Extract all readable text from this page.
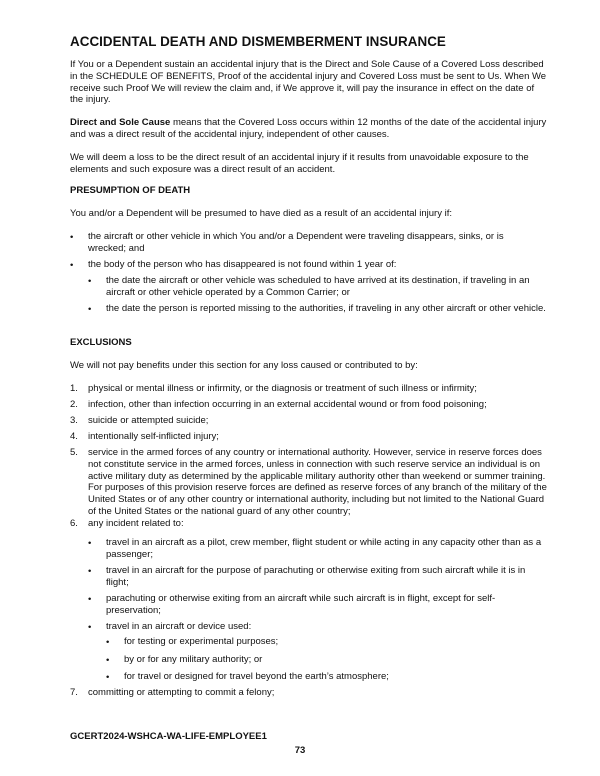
ACCIDENTAL DEATH AND DISMEMBERMENT INSURANCE
If You or a Dependent sustain an accidental injury that is the Direct and Sole Cause of a Covered Loss described in the SCHEDULE OF BENEFITS, Proof of the accidental injury and Covered Loss must be sent to Us. When We receive such Proof We will review the claim and, if We approve it, will pay the insurance in effect on the date of the injury.
Direct and Sole Cause means that the Covered Loss occurs within 12 months of the date of the accidental injury and was a direct result of the accidental injury, independent of other causes.
We will deem a loss to be the direct result of an accidental injury if it results from unavoidable exposure to the elements and such exposure was a direct result of an accident.
PRESUMPTION OF DEATH
You and/or a Dependent will be presumed to have died as a result of an accidental injury if:
• the aircraft or other vehicle in which You and/or a Dependent were traveling disappears, sinks, or is wrecked; and
• the body of the person who has disappeared is not found within 1 year of:
• the date the aircraft or other vehicle was scheduled to have arrived at its destination, if traveling in an aircraft or other vehicle operated by a Common Carrier; or
• the date the person is reported missing to the authorities, if traveling in any other aircraft or other vehicle.
EXCLUSIONS
We will not pay benefits under this section for any loss caused or contributed to by:
1. physical or mental illness or infirmity, or the diagnosis or treatment of such illness or infirmity;
2. infection, other than infection occurring in an external accidental wound or from food poisoning;
3. suicide or attempted suicide;
4. intentionally self-inflicted injury;
5. service in the armed forces of any country or international authority. However, service in reserve forces does not constitute service in the armed forces, unless in connection with such reserve service an individual is on active military duty as determined by the applicable military authority other than weekend or summer training. For purposes of this provision reserve forces are defined as reserve forces of any branch of the military of the United States or of any other country or international authority, including but not limited to the National Guard of the United States or the national guard of any other country;
6. any incident related to:
• travel in an aircraft as a pilot, crew member, flight student or while acting in any capacity other than as a passenger;
• travel in an aircraft for the purpose of parachuting or otherwise exiting from such aircraft while it is in flight;
• parachuting or otherwise exiting from an aircraft while such aircraft is in flight, except for self-preservation;
• travel in an aircraft or device used:
• for testing or experimental purposes;
• by or for any military authority; or
• for travel or designed for travel beyond the earth’s atmosphere;
7. committing or attempting to commit a felony;
GCERT2024-WSHCA-WA-LIFE-EMPLOYEE1
73
